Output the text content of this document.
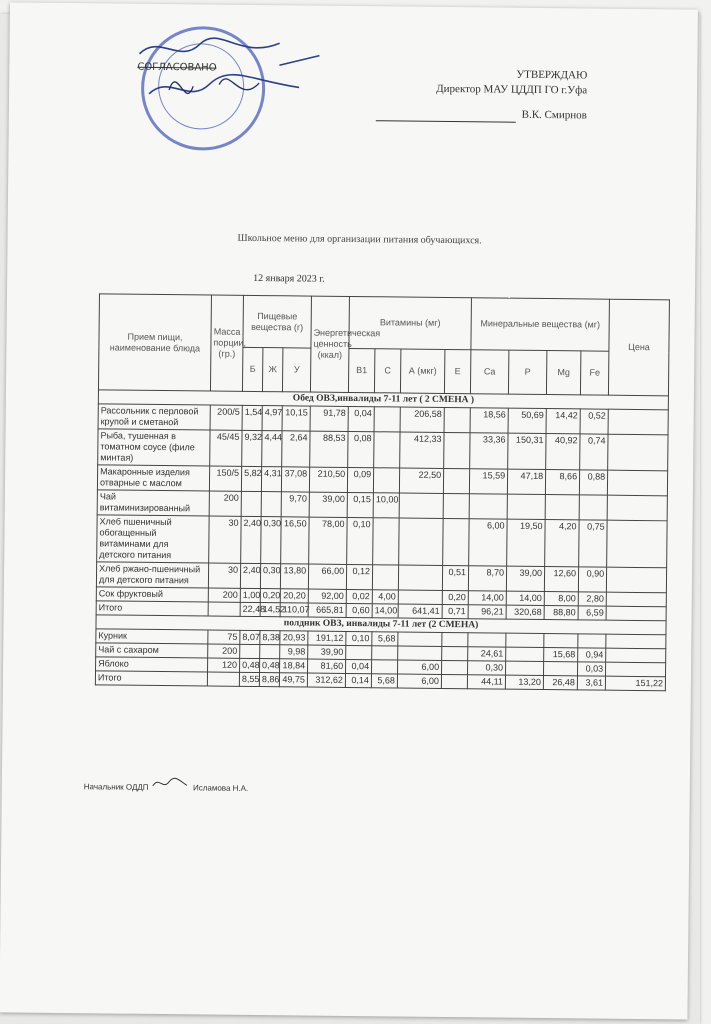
СОГЛАСОВАНО
УТВЕРЖДАЮ
Директор МАУ ЦДДП ГО г.Уфа
В.К. Смирнов
Школьное меню для организации питания обучающихся.
12 января 2023 г.
Прием пищи, наименование блюда	Масса порции, (гр.)	Пищевые вещества (г)			Энергетическая ценность (ккал)	Витамины (мг)				Минеральные вещества (мг)				Цена
		Б	Ж	У		B1	C	А (мкг)	E	Ca	P	Mg	Fe	
Обед ОВЗ,инвалиды 7-11 лет ( 2 СМЕНА )														
Рассольник с перловой крупой и сметаной	200/5	1,54	4,97	10,15	91,78	0,04		206,58		18,56	50,69	14,42	0,52	
Рыба, тушенная в томатном соусе (филе минтая)	45/45	9,32	4,44	2,64	88,53	0,08		412,33		33,36	150,31	40,92	0,74	
Макаронные изделия отварные с маслом	150/5	5,82	4,31	37,08	210,50	0,09		22,50		15,59	47,18	8,66	0,88	
Чай витаминизированный	200			9,70	39,00	0,15	10,00							
Хлеб пшеничный обогащенный витаминами для детского питания	30	2,40	0,30	16,50	78,00	0,10				6,00	19,50	4,20	0,75	
Хлеб ржано-пшеничный для детского питания	30	2,40	0,30	13,80	66,00	0,12			0,51	8,70	39,00	12,60	0,90	
Сок фруктовый	200	1,00	0,20	20,20	92,00	0,02	4,00		0,20	14,00	14,00	8,00	2,80	
Итого		22,48	14,52	110,07	665,81	0,60	14,00	641,41	0,71	96,21	320,68	88,80	6,59	
полдник ОВЗ, инвалиды 7-11 лет (2 СМЕНА)														
Курник	75	8,07	8,38	20,93	191,12	0,10	5,68							
Чай с сахаром	200			9,98	39,90					24,61		15,68	0,94	
Яблоко	120	0,48	0,48	18,84	81,60	0,04		6,00		0,30			0,03	
Итого		8,55	8,86	49,75	312,62	0,14	5,68	6,00		44,11	13,20	26,48	3,61	151,22
Начальник ОДДП	Исламова Н.А.
